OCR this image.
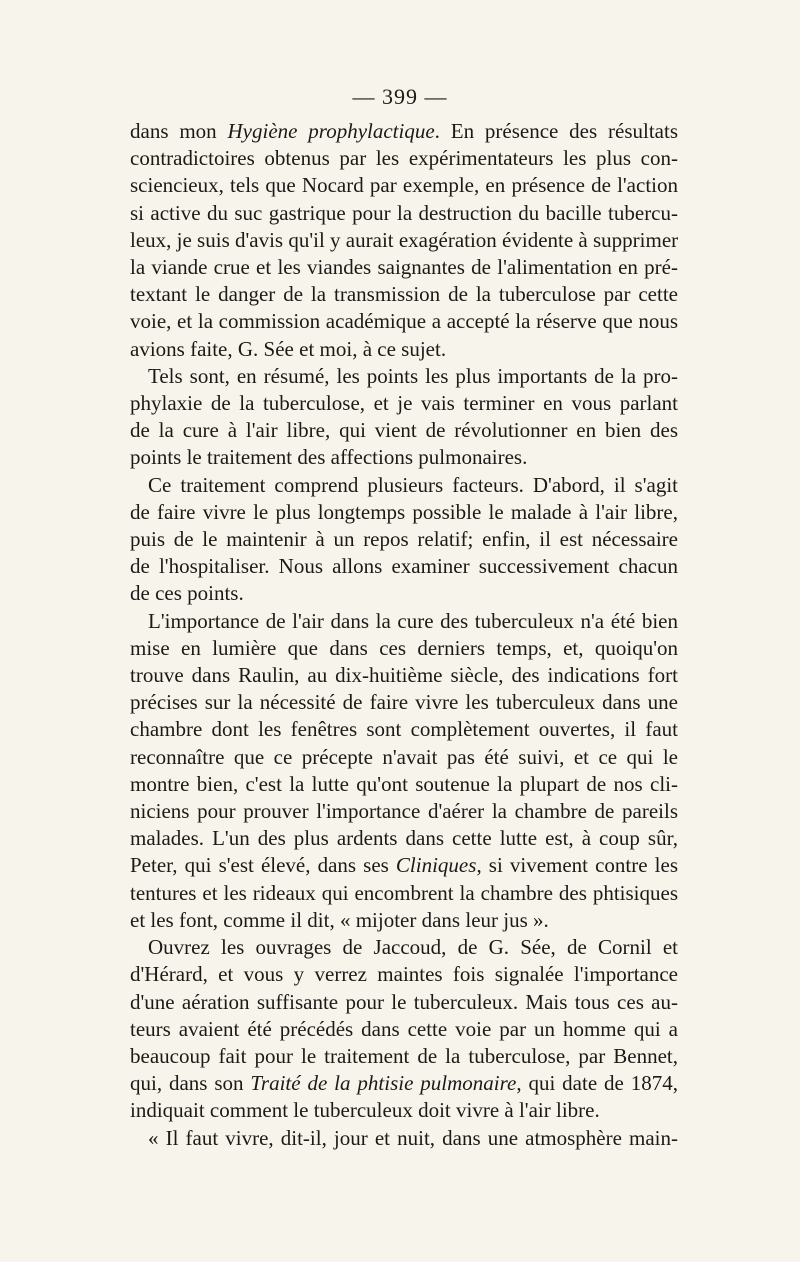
— 399 —
dans mon Hygiène prophylactique. En présence des résultats
contradictoires obtenus par les expérimentateurs les plus con-
sciencieux, tels que Nocard par exemple, en présence de l'action
si active du suc gastrique pour la destruction du bacille tubercu-
leux, je suis d'avis qu'il y aurait exagération évidente à supprimer
la viande crue et les viandes saignantes de l'alimentation en pré-
textant le danger de la transmission de la tuberculose par cette
voie, et la commission académique a accepté la réserve que nous
avions faite, G. Sée et moi, à ce sujet.
Tels sont, en résumé, les points les plus importants de la pro-
phylaxie de la tuberculose, et je vais terminer en vous parlant
de la cure à l'air libre, qui vient de révolutionner en bien des
points le traitement des affections pulmonaires.
Ce traitement comprend plusieurs facteurs. D'abord, il s'agit
de faire vivre le plus longtemps possible le malade à l'air libre,
puis de le maintenir à un repos relatif; enfin, il est nécessaire
de l'hospitaliser. Nous allons examiner successivement chacun
de ces points.
L'importance de l'air dans la cure des tuberculeux n'a été bien
mise en lumière que dans ces derniers temps, et, quoiqu'on
trouve dans Raulin, au dix-huitième siècle, des indications fort
précises sur la nécessité de faire vivre les tuberculeux dans une
chambre dont les fenêtres sont complètement ouvertes, il faut
reconnaître que ce précepte n'avait pas été suivi, et ce qui le
montre bien, c'est la lutte qu'ont soutenue la plupart de nos cli-
niciens pour prouver l'importance d'aérer la chambre de pareils
malades. L'un des plus ardents dans cette lutte est, à coup sûr,
Peter, qui s'est élevé, dans ses Cliniques, si vivement contre les
tentures et les rideaux qui encombrent la chambre des phtisiques
et les font, comme il dit, « mijoter dans leur jus ».
Ouvrez les ouvrages de Jaccoud, de G. Sée, de Cornil et
d'Hérard, et vous y verrez maintes fois signalée l'importance
d'une aération suffisante pour le tuberculeux. Mais tous ces au-
teurs avaient été précédés dans cette voie par un homme qui a
beaucoup fait pour le traitement de la tuberculose, par Bennet,
qui, dans son Traité de la phtisie pulmonaire, qui date de 1874,
indiquait comment le tuberculeux doit vivre à l'air libre.
« Il faut vivre, dit-il, jour et nuit, dans une atmosphère main-
